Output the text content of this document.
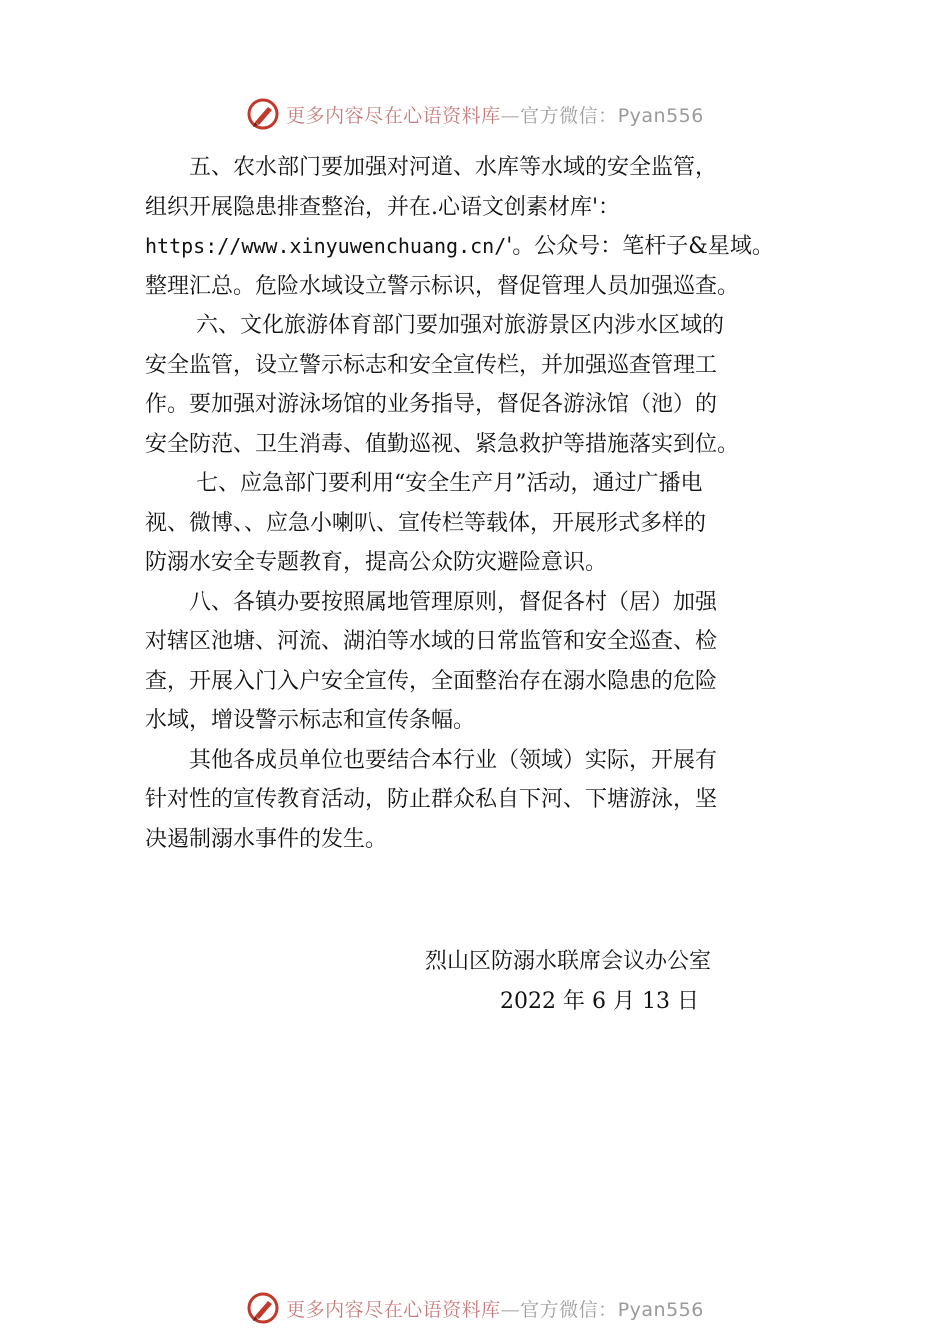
更多内容尽在心语资料库—官方微信：Pyan556
　　五、农水部门要加强对河道、水库等水域的安全监管，
组织开展隐患排查整治，并在.心语文创素材库'：
https://www.xinyuwenchuang.cn/'。公众号：笔杆子&星域。
整理汇总。危险水域设立警示标识，督促管理人员加强巡查。
　　 六、文化旅游体育部门要加强对旅游景区内涉水区域的
安全监管，设立警示标志和安全宣传栏，并加强巡查管理工
作。要加强对游泳场馆的业务指导，督促各游泳馆（池）的
安全防范、卫生消毒、值勤巡视、紧急救护等措施落实到位。
　　 七、应急部门要利用“安全生产月”活动，通过广播电
视、微博、、应急小喇叭、宣传栏等载体，开展形式多样的
防溺水安全专题教育，提高公众防灾避险意识。
　　八、各镇办要按照属地管理原则，督促各村（居）加强
对辖区池塘、河流、湖泊等水域的日常监管和安全巡查、检
查，开展入门入户安全宣传，全面整治存在溺水隐患的危险
水域，增设警示标志和宣传条幅。
　　其他各成员单位也要结合本行业（领域）实际，开展有
针对性的宣传教育活动，防止群众私自下河、下塘游泳，坚
决遏制溺水事件的发生。
烈山区防溺水联席会议办公室
2022 年 6 月 13 日
更多内容尽在心语资料库—官方微信：Pyan556
